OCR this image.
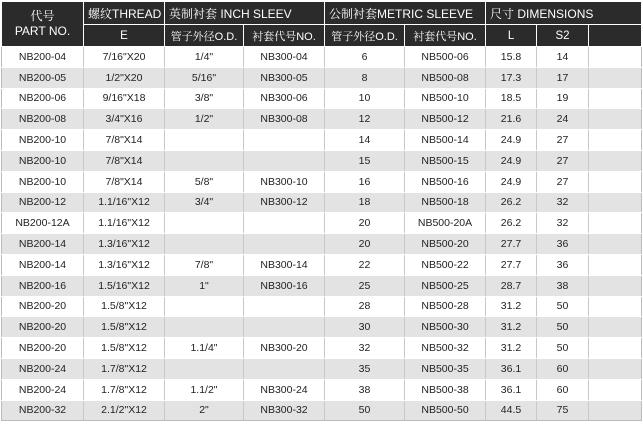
代号
PART NO.	螺纹THREAD	英制衬套 INCH SLEEV		公制衬套METRIC SLEEVE		尺寸 DIMENSIONS		
	E	管子外径O.D.	衬套代号NO.	管子外径O.D.	衬套代号NO.	L	S2	
NB200-04	7/16"X20	1/4"	NB300-04	6	NB500-06	15.8	14	
NB200-05	1/2"X20	5/16"	NB300-05	8	NB500-08	17.3	17	
NB200-06	9/16"X18	3/8"	NB300-06	10	NB500-10	18.5	19	
NB200-08	3/4"X16	1/2"	NB300-08	12	NB500-12	21.6	24	
NB200-10	7/8"X14			14	NB500-14	24.9	27	
NB200-10	7/8"X14			15	NB500-15	24.9	27	
NB200-10	7/8"X14	5/8"	NB300-10	16	NB500-16	24.9	27	
NB200-12	1.1/16"X12	3/4"	NB300-12	18	NB500-18	26.2	32	
NB200-12A	1.1/16"X12			20	NB500-20A	26.2	32	
NB200-14	1.3/16"X12			20	NB500-20	27.7	36	
NB200-14	1.3/16"X12	7/8"	NB300-14	22	NB500-22	27.7	36	
NB200-16	1.5/16"X12	1"	NB300-16	25	NB500-25	28.7	38	
NB200-20	1.5/8"X12			28	NB500-28	31.2	50	
NB200-20	1.5/8"X12			30	NB500-30	31.2	50	
NB200-20	1.5/8"X12	1.1/4"	NB300-20	32	NB500-32	31.2	50	
NB200-24	1.7/8"X12			35	NB500-35	36.1	60	
NB200-24	1.7/8"X12	1.1/2"	NB300-24	38	NB500-38	36.1	60	
NB200-32	2.1/2"X12	2"	NB300-32	50	NB500-50	44.5	75	
